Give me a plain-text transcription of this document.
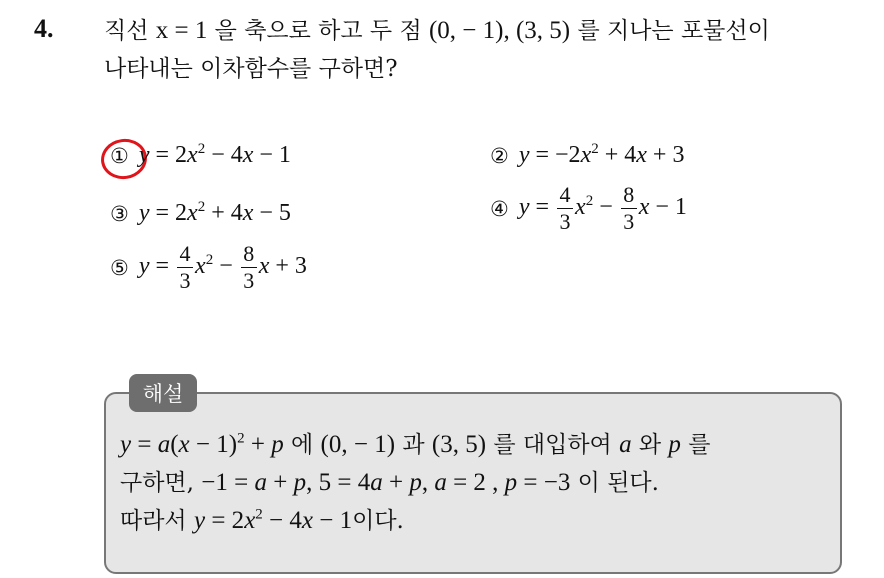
4. 직선 x = 1 을 축으로 하고 두 점 (0, − 1), (3, 5) 를 지나는 포물선이
나타내는 이차함수를 구하면?
① $y = 2x^2 - 4x - 1$	② $y = -2x^2 + 4x + 3$
③ $y = 2x^2 + 4x - 5$	④ $y = \frac{4}{3} x^2 - \frac{8}{3}$ x − 1
⑤ $y = \frac{4}{3} x^2 - \frac{8}{3}$ x + 3
해설
$y = a(x - 1)^2 + p$ 에 (0, − 1) 과 (3, 5) 를 대입하여 a 와 p 를
구하면, −1 = a + p, 5 = 4a + p, a = 2 , p = −3 이 된다.
따라서 $y = 2x^2 - 4x - 1$이다.
